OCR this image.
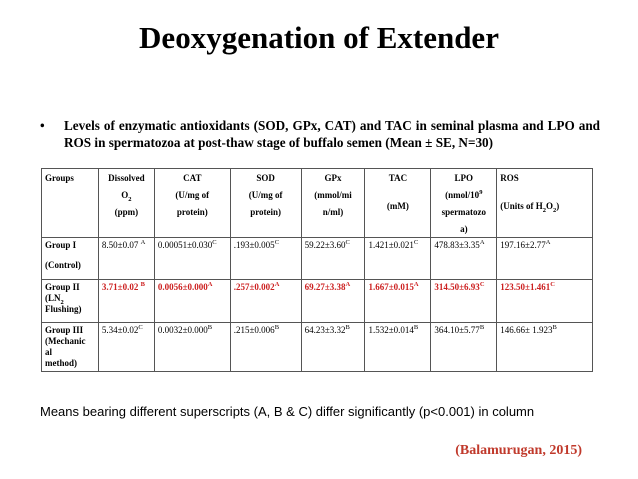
Deoxygenation of Extender
• Levels of enzymatic antioxidants (SOD, GPx, CAT) and TAC in seminal plasma and LPO and ROS in spermatozoa at post-thaw stage of buffalo semen (Mean ± SE, N=30)
Groups	Dissolved
$O_2$
(ppm)	CAT
(U/mg of
protein)	SOD
(U/mg of
protein)	GPx
(mmol/mi
n/ml)	TAC
(mM)	LPO
($nmol/10^9$
spermatozo
a)	ROS
(Units of $H_2O_2$)

Group I
(Control)	8.50±0.07 $^A$	$0.00051\pm 0.030^C$	$.193\pm 0.005^C$	$59.22\pm 3.60^C$	$1.421\pm 0.021^C$	$478.83\pm 3.35^A$	$197.16\pm 2.77^A$

Group II
($LN_2$
Flushing)	3.71±0.02 $^B$	$0.0056\pm 0.000^A$	$.257\pm 0.002^A$	$69.27\pm 3.38^A$	$1.667\pm 0.015^A$	$314.50\pm 6.93^C$	$123.50\pm 1.461^C$

Group III
(Mechanic
al
method)	$5.34\pm 0.02^C$	$0.0032\pm 0.000^B$	$.215\pm 0.006^B$	$64.23\pm 3.32^B$	$1.532\pm 0.014^B$	$364.10\pm 5.77^B$	$146.66\pm 1.923^B$
Means bearing different superscripts (A, B & C) differ significantly (p<0.001) in column
(Balamurugan, 2015)
